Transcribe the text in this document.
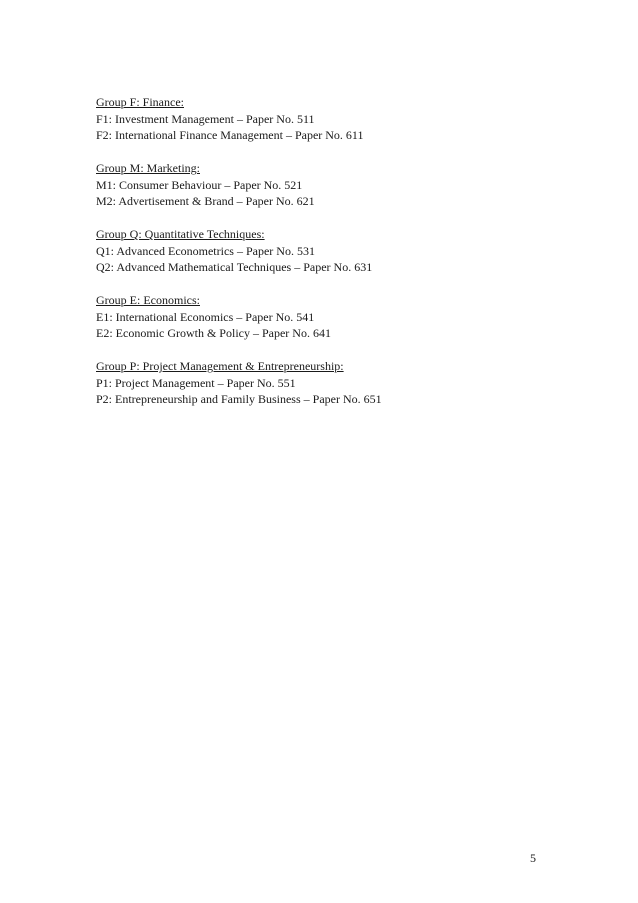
Group F: Finance:
F1: Investment Management – Paper No. 511
F2: International Finance Management – Paper No. 611
Group M: Marketing:
M1: Consumer Behaviour – Paper No. 521
M2: Advertisement & Brand – Paper No. 621
Group Q: Quantitative Techniques:
Q1: Advanced Econometrics – Paper No. 531
Q2: Advanced Mathematical Techniques – Paper No. 631
Group E: Economics:
E1: International Economics – Paper No. 541
E2: Economic Growth & Policy – Paper No. 641
Group P: Project Management & Entrepreneurship:
P1: Project Management – Paper No. 551
P2: Entrepreneurship and Family Business – Paper No. 651
5
